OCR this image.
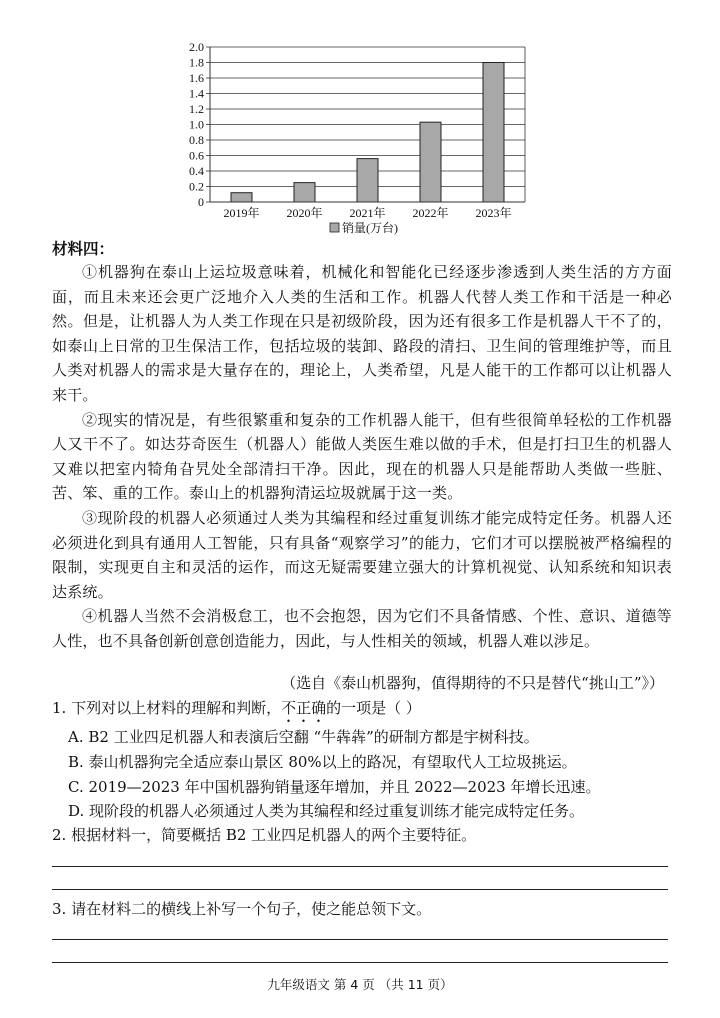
0
0.2
0.4
0.6
0.8
1.0
1.2
1.4
1.6
1.8
2.0
2019年 2020年 2021年 2022年 2023年
销量(万台)
材料四：

①机器狗在泰山上运垃圾意味着，机械化和智能化已经逐步渗透到人类生活的方方面面，而且未来还会更广泛地介入人类的生活和工作。机器人代替人类工作和干活是一种必然。但是，让机器人为人类工作现在只是初级阶段，因为还有很多工作是机器人干不了的，如泰山上日常的卫生保洁工作，包括垃圾的装卸、路段的清扫、卫生间的管理维护等，而且人类对机器人的需求是大量存在的，理论上，人类希望，凡是人能干的工作都可以让机器人来干。

②现实的情况是，有些很繁重和复杂的工作机器人能干，但有些很简单轻松的工作机器人又干不了。如达芬奇医生（机器人）能做人类医生难以做的手术，但是打扫卫生的机器人又难以把室内犄角旮旯处全部清扫干净。因此，现在的机器人只是能帮助人类做一些脏、苦、笨、重的工作。泰山上的机器狗清运垃圾就属于这一类。

③现阶段的机器人必须通过人类为其编程和经过重复训练才能完成特定任务。机器人还必须进化到具有通用人工智能，只有具备“观察学习”的能力，它们才可以摆脱被严格编程的限制，实现更自主和灵活的运作，而这无疑需要建立强大的计算机视觉、认知系统和知识表达系统。

④机器人当然不会消极怠工，也不会抱怨，因为它们不具备情感、个性、意识、道德等人性，也不具备创新创意创造能力，因此，与人性相关的领域，机器人难以涉足。

（选自《泰山机器狗，值得期待的不只是替代“挑山工”》）
1. 下列对以上材料的理解和判断，不正确的一项是（ ）
A. B2 工业四足机器人和表演后空翻 “牛犇犇”的研制方都是宇树科技。
B. 泰山机器狗完全适应泰山景区 80%以上的路况，有望取代人工垃圾挑运。
C. 2019—2023 年中国机器狗销量逐年增加，并且 2022—2023 年增长迅速。
D. 现阶段的机器人必须通过人类为其编程和经过重复训练才能完成特定任务。
2. 根据材料一，简要概括 B2 工业四足机器人的两个主要特征。
3. 请在材料二的横线上补写一个句子，使之能总领下文。
九年级语文 第 4 页 （共 11 页）
